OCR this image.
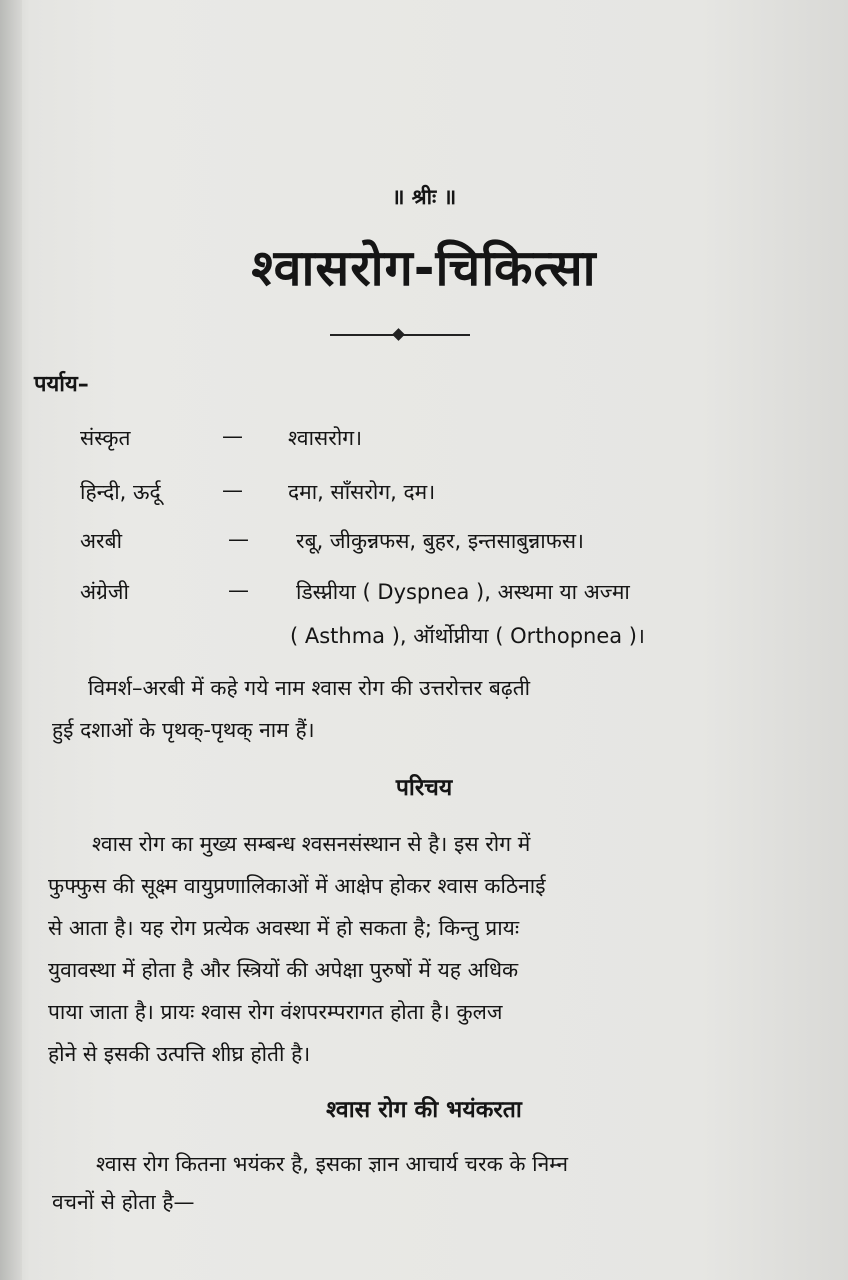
॥ श्रीः ॥
श्वासरोग-चिकित्सा
पर्याय–
संस्कृत	— श्वासरोग।
हिन्दी, ऊर्दू	— दमा, साँसरोग, दम।
अरबी	— रबू, जीकुन्नफस, बुहर, इन्तसाबुन्नाफस।
अंग्रेजी	— डिस्प्नीया ( Dyspnea ), अस्थमा या अज्मा
( Asthma ), ऑर्थोप्नीया ( Orthopnea )।
विमर्श–अरबी में कहे गये नाम श्वास रोग की उत्तरोत्तर बढ़ती
हुई दशाओं के पृथक्-पृथक् नाम हैं।
परिचय
श्वास रोग का मुख्य सम्बन्ध श्वसनसंस्थान से है। इस रोग में
फुफ्फुस की सूक्ष्म वायुप्रणालिकाओं में आक्षेप होकर श्वास कठिनाई
से आता है। यह रोग प्रत्येक अवस्था में हो सकता है; किन्तु प्रायः
युवावस्था में होता है और स्त्रियों की अपेक्षा पुरुषों में यह अधिक
पाया जाता है। प्रायः श्वास रोग वंशपरम्परागत होता है। कुलज
होने से इसकी उत्पत्ति शीघ्र होती है।
श्वास रोग की भयंकरता
श्वास रोग कितना भयंकर है, इसका ज्ञान आचार्य चरक के निम्न
वचनों से होता है—
